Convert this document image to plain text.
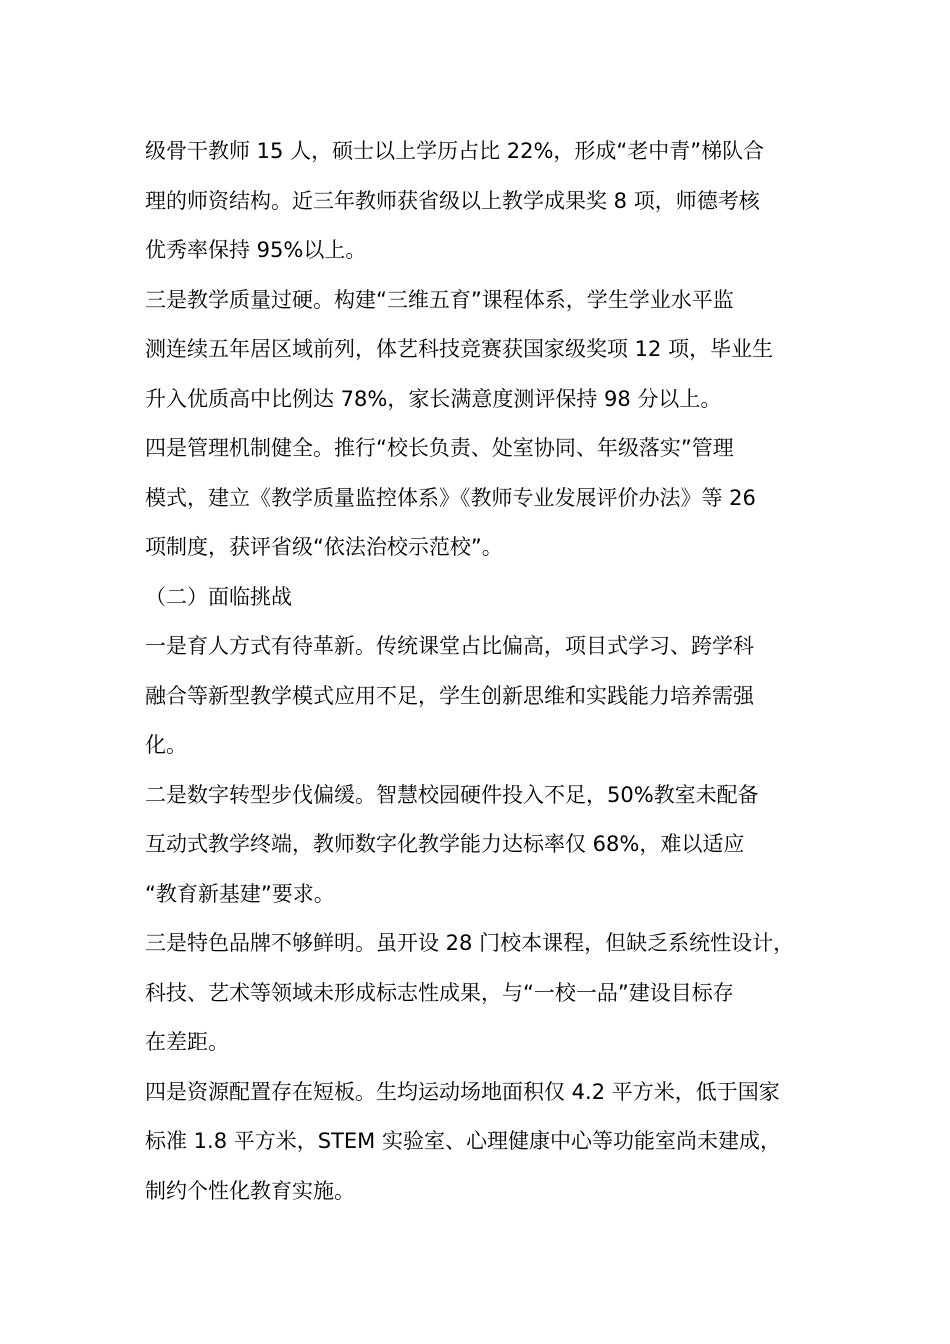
级骨干教师 15 人，硕士以上学历占比 22%，形成“老中青”梯队合
理的师资结构。近三年教师获省级以上教学成果奖 8 项，师德考核
优秀率保持 95%以上。

三是教学质量过硬。构建“三维五育”课程体系，学生学业水平监
测连续五年居区域前列，体艺科技竞赛获国家级奖项 12 项，毕业生
升入优质高中比例达 78%，家长满意度测评保持 98 分以上。

四是管理机制健全。推行“校长负责、处室协同、年级落实”管理
模式，建立《教学质量监控体系》《教师专业发展评价办法》等 26
项制度，获评省级“依法治校示范校”。

（二）面临挑战

一是育人方式有待革新。传统课堂占比偏高，项目式学习、跨学科
融合等新型教学模式应用不足，学生创新思维和实践能力培养需强
化。

二是数字转型步伐偏缓。智慧校园硬件投入不足，50%教室未配备
互动式教学终端，教师数字化教学能力达标率仅 68%，难以适应
“教育新基建”要求。

三是特色品牌不够鲜明。虽开设 28 门校本课程，但缺乏系统性设计，
科技、艺术等领域未形成标志性成果，与“一校一品”建设目标存
在差距。

四是资源配置存在短板。生均运动场地面积仅 4.2 平方米，低于国家
标准 1.8 平方米，STEM 实验室、心理健康中心等功能室尚未建成，
制约个性化教育实施。
